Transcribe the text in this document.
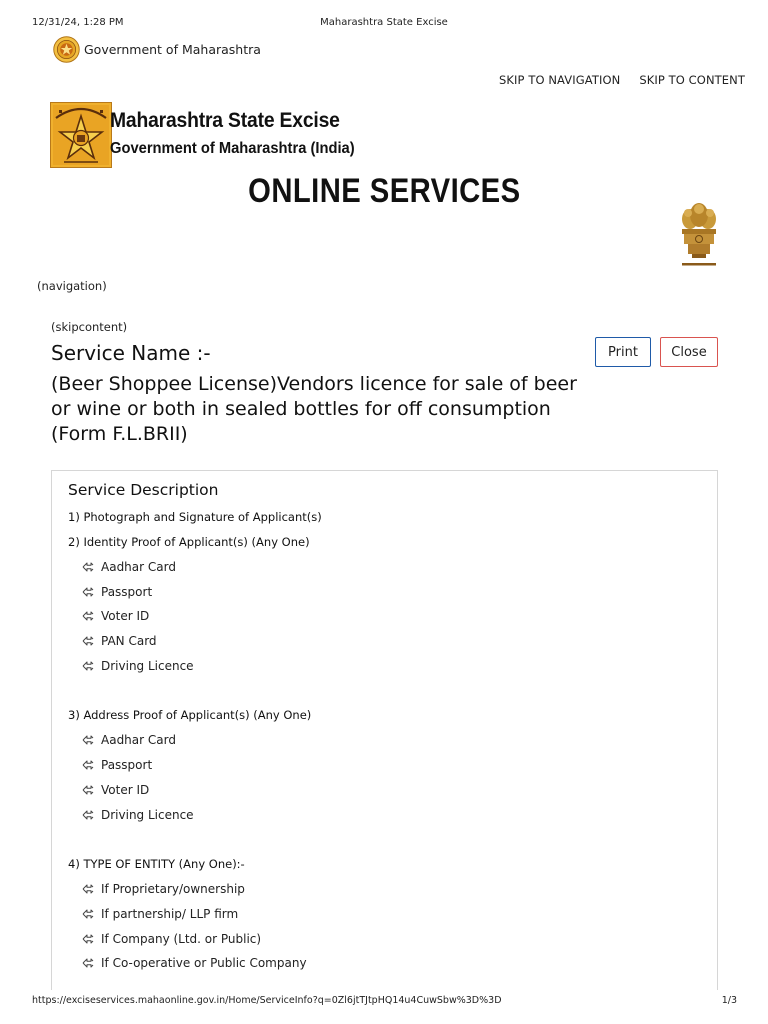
12/31/24, 1:28 PM	Maharashtra State Excise
Government of Maharashtra
SKIP TO NAVIGATION SKIP TO CONTENT
Maharashtra State Excise
Government of Maharashtra (India)
ONLINE SERVICES
(navigation)
(skipcontent)
Service Name :-
(Beer Shoppee License)Vendors licence for sale of beer or wine or both in sealed bottles for off consumption (Form F.L.BRII)
Print	Close
Service Description
1) Photograph and Signature of Applicant(s)
2) Identity Proof of Applicant(s) (Any One)
Aadhar Card
Passport
Voter ID
PAN Card
Driving Licence
3) Address Proof of Applicant(s) (Any One)
Aadhar Card
Passport
Voter ID
Driving Licence
4) TYPE OF ENTITY (Any One):-
If Proprietary/ownership
If partnership/ LLP firm
If Company (Ltd. or Public)
If Co-operative or Public Company
https://exciseservices.mahaonline.gov.in/Home/ServiceInfo?q=0Zl6jtTJtpHQ14u4CuwSbw%3D%3D	1/3
